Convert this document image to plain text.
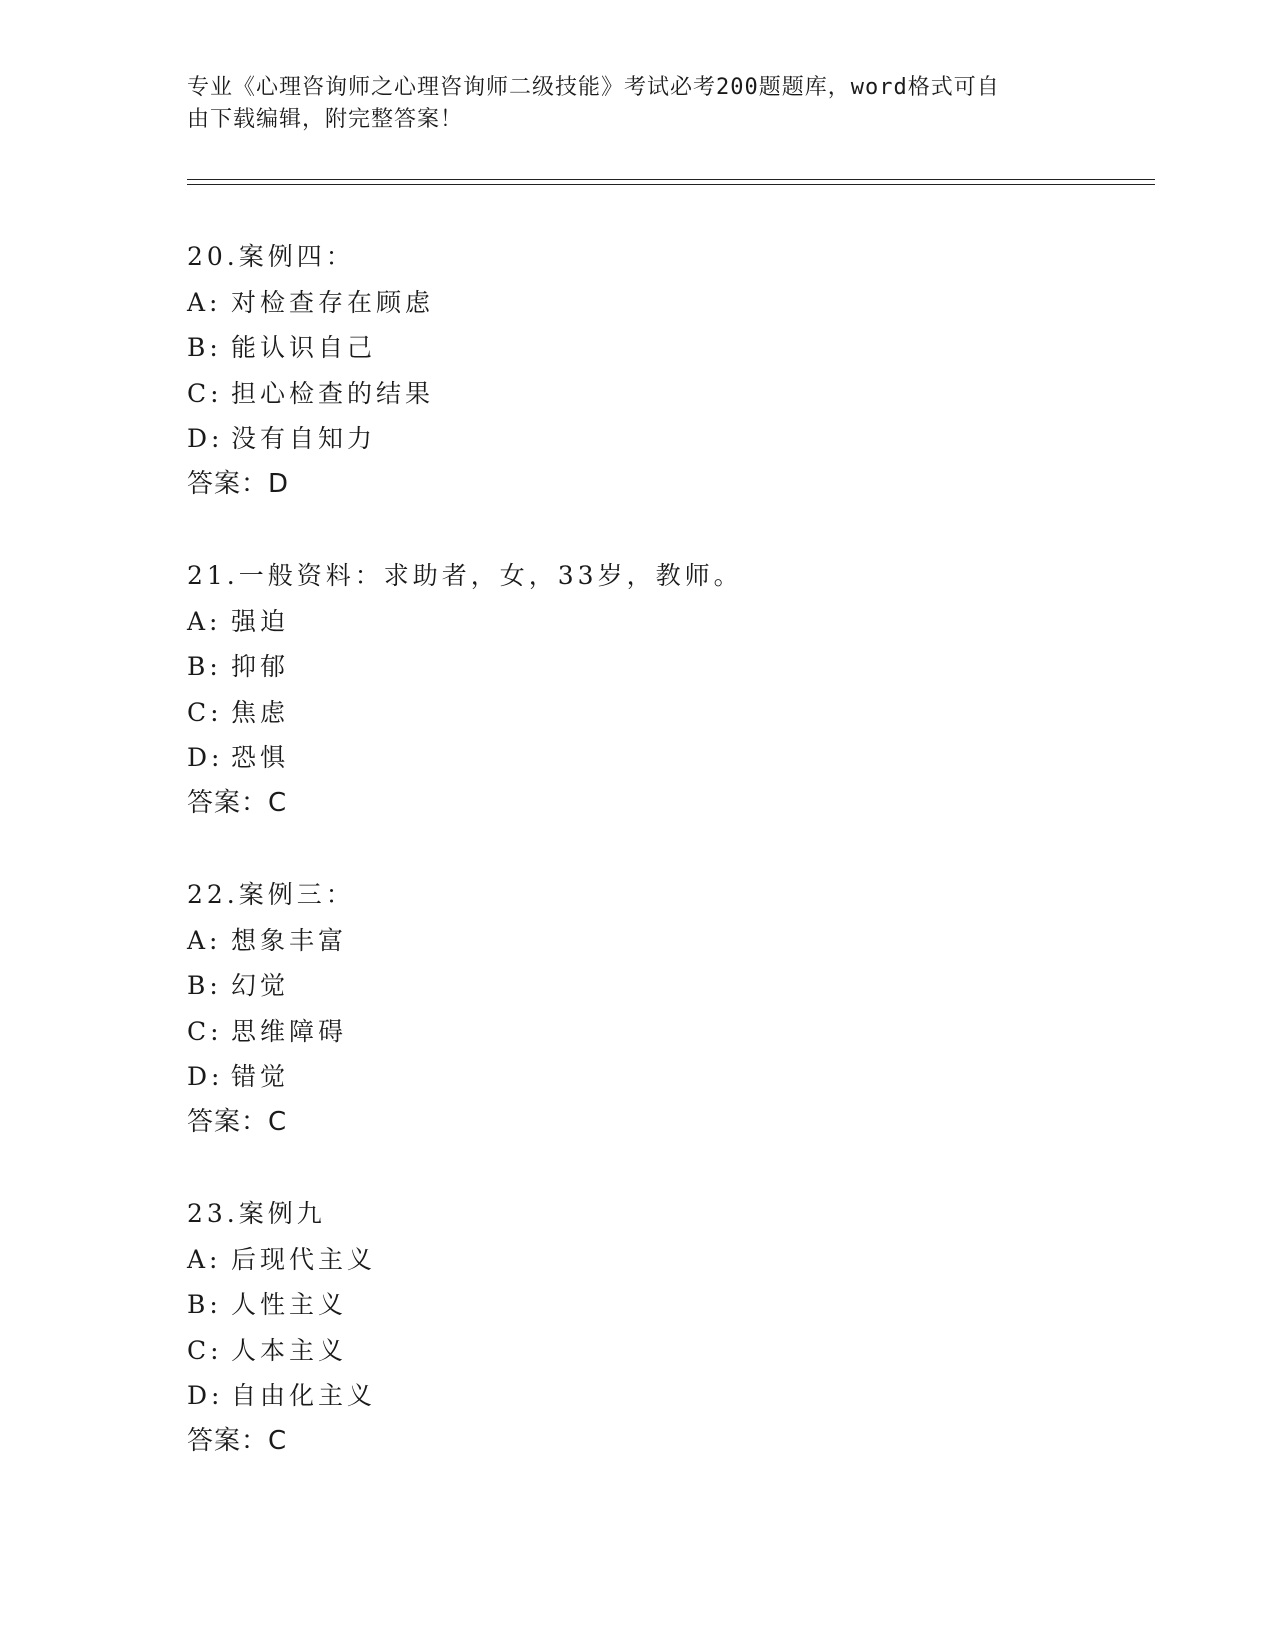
专业《心理咨询师之心理咨询师二级技能》考试必考200题题库，word格式可自
由下载编辑，附完整答案！
20.案例四：
A: 对检查存在顾虑
B: 能认识自己
C: 担心检查的结果
D: 没有自知力
答案：D
21.一般资料：求助者，女，33岁，教师。
A: 强迫
B: 抑郁
C: 焦虑
D: 恐惧
答案：C
22.案例三：
A: 想象丰富
B: 幻觉
C: 思维障碍
D: 错觉
答案：C
23.案例九
A: 后现代主义
B: 人性主义
C: 人本主义
D: 自由化主义
答案：C
